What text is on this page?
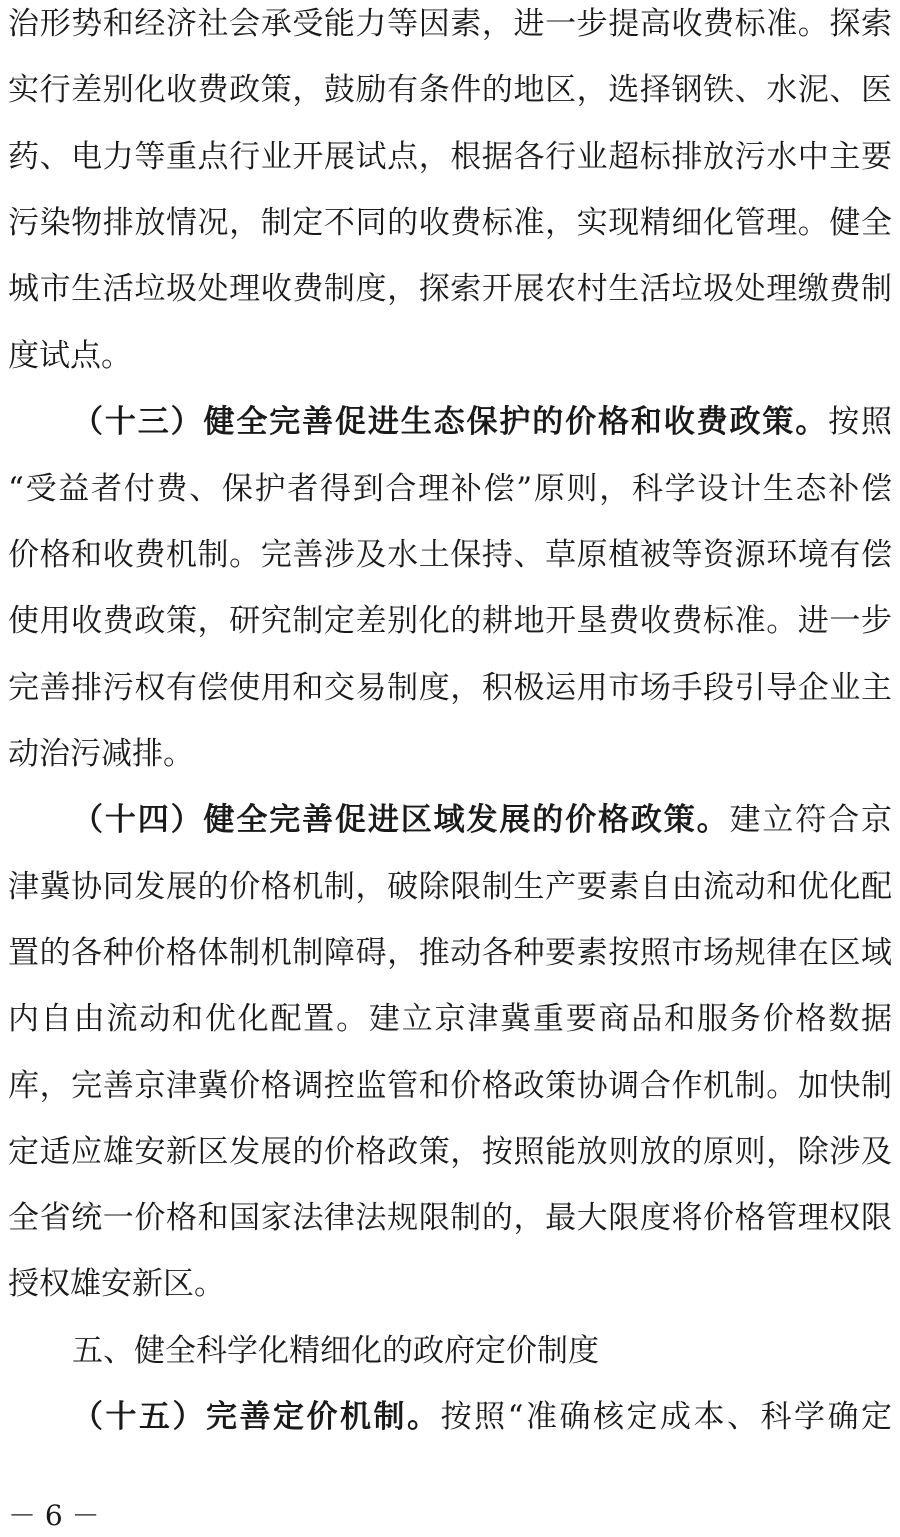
治形势和经济社会承受能力等因素，进一步提高收费标准。探索
实行差别化收费政策，鼓励有条件的地区，选择钢铁、水泥、医
药、电力等重点行业开展试点，根据各行业超标排放污水中主要
污染物排放情况，制定不同的收费标准，实现精细化管理。健全
城市生活垃圾处理收费制度，探索开展农村生活垃圾处理缴费制
度试点。
（十三）健全完善促进生态保护的价格和收费政策。按照
“受益者付费、保护者得到合理补偿”原则，科学设计生态补偿
价格和收费机制。完善涉及水土保持、草原植被等资源环境有偿
使用收费政策，研究制定差别化的耕地开垦费收费标准。进一步
完善排污权有偿使用和交易制度，积极运用市场手段引导企业主
动治污减排。
（十四）健全完善促进区域发展的价格政策。建立符合京
津冀协同发展的价格机制，破除限制生产要素自由流动和优化配
置的各种价格体制机制障碍，推动各种要素按照市场规律在区域
内自由流动和优化配置。建立京津冀重要商品和服务价格数据
库，完善京津冀价格调控监管和价格政策协调合作机制。加快制
定适应雄安新区发展的价格政策，按照能放则放的原则，除涉及
全省统一价格和国家法律法规限制的，最大限度将价格管理权限
授权雄安新区。
五、健全科学化精细化的政府定价制度
（十五）完善定价机制。按照“准确核定成本、科学确定
－ 6 －
